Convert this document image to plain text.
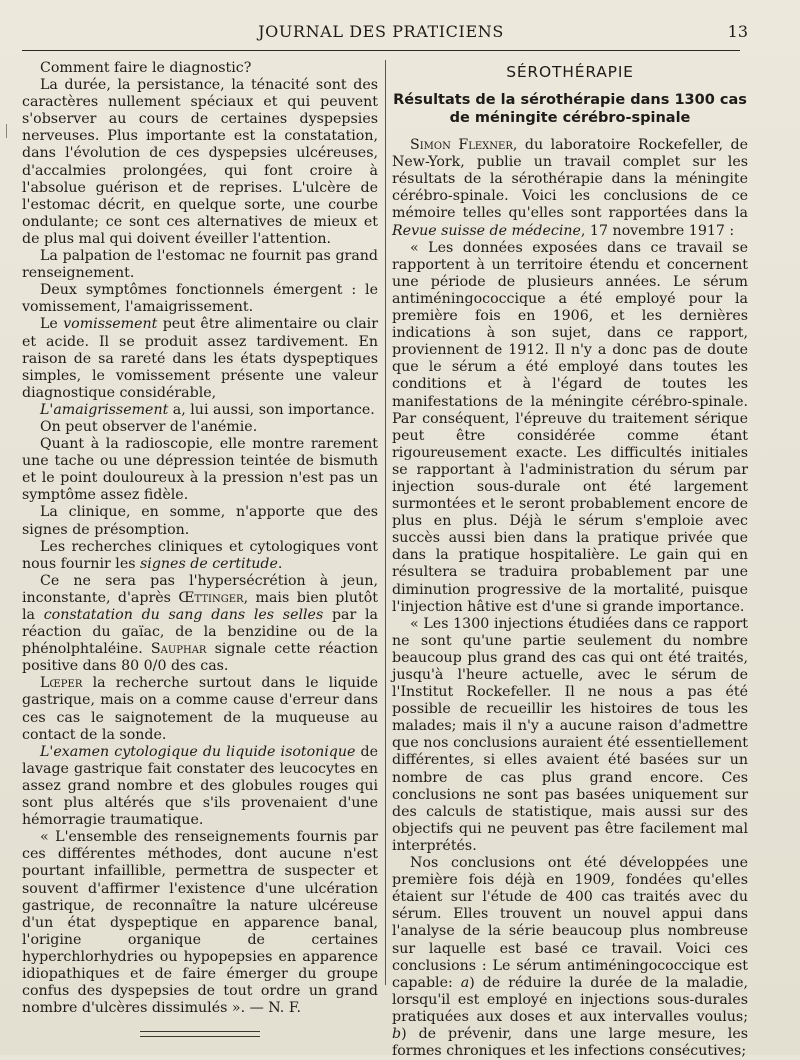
JOURNAL DES PRATICIENS	13

Comment faire le diagnostic?

La durée, la persistance, la ténacité sont des caractères nullement spéciaux et qui peuvent s'observer au cours de certaines dyspepsies nerveuses. Plus importante est la constatation, dans l'évolution de ces dyspepsies ulcéreuses, d'accalmies prolongées, qui font croire à l'absolue guérison et de reprises. L'ulcère de l'estomac décrit, en quelque sorte, une courbe ondulante; ce sont ces alternatives de mieux et de plus mal qui doivent éveiller l'attention.

La palpation de l'estomac ne fournit pas grand renseignement.

Deux symptômes fonctionnels émergent : le vomissement, l'amaigrissement.

Le vomissement peut être alimentaire ou clair et acide. Il se produit assez tardivement. En raison de sa rareté dans les états dyspeptiques simples, le vomissement présente une valeur diagnostique considérable,

L'amaigrissement a, lui aussi, son importance.

On peut observer de l'anémie.

Quant à la radioscopie, elle montre rarement une tache ou une dépression teintée de bismuth et le point douloureux à la pression n'est pas un symptôme assez fidèle.

La clinique, en somme, n'apporte que des signes de présomption.

Les recherches cliniques et cytologiques vont nous fournir les signes de certitude.

Ce ne sera pas l'hypersécrétion à jeun, inconstante, d'après Œttinger, mais bien plutôt la constatation du sang dans les selles par la réaction du gaïac, de la benzidine ou de la phénolphtaléine. Sauphar signale cette réaction positive dans 80 0/0 des cas.

Lœper la recherche surtout dans le liquide gastrique, mais on a comme cause d'erreur dans ces cas le saignotement de la muqueuse au contact de la sonde.

L'examen cytologique du liquide isotonique de lavage gastrique fait constater des leucocytes en assez grand nombre et des globules rouges qui sont plus altérés que s'ils provenaient d'une hémorragie traumatique.

« L'ensemble des renseignements fournis par ces différentes méthodes, dont aucune n'est pourtant infaillible, permettra de suspecter et souvent d'affirmer l'existence d'une ulcération gastrique, de reconnaître la nature ulcéreuse d'un état dyspeptique en apparence banal, l'origine organique de certaines hyperchlorhydries ou hypopepsies en apparence idiopathiques et de faire émerger du groupe confus des dyspepsies de tout ordre un grand nombre d'ulcères dissimulés ». — N. F.

SÉROTHÉRAPIE
Résultats de la sérothérapie dans 1300 cas de méningite cérébro-spinale

Simon Flexner, du laboratoire Rockefeller, de New-York, publie un travail complet sur les résultats de la sérothérapie dans la méningite cérébro-spinale. Voici les conclusions de ce mémoire telles qu'elles sont rapportées dans la Revue suisse de médecine, 17 novembre 1917 :

« Les données exposées dans ce travail se rapportent à un territoire étendu et concernent une période de plusieurs années. Le sérum antiméningococcique a été employé pour la première fois en 1906, et les dernières indications à son sujet, dans ce rapport, proviennent de 1912. Il n'y a donc pas de doute que le sérum a été employé dans toutes les conditions et à l'égard de toutes les manifestations de la méningite cérébro-spinale. Par conséquent, l'épreuve du traitement sérique peut être considérée comme étant rigoureusement exacte. Les difficultés initiales se rapportant à l'administration du sérum par injection sous-durale ont été largement surmontées et le seront probablement encore de plus en plus. Déjà le sérum s'emploie avec succès aussi bien dans la pratique privée que dans la pratique hospitalière. Le gain qui en résultera se traduira probablement par une diminution progressive de la mortalité, puisque l'injection hâtive est d'une si grande importance.

« Les 1300 injections étudiées dans ce rapport ne sont qu'une partie seulement du nombre beaucoup plus grand des cas qui ont été traités, jusqu'à l'heure actuelle, avec le sérum de l'Institut Rockefeller. Il ne nous a pas été possible de recueillir les histoires de tous les malades; mais il n'y a aucune raison d'admettre que nos conclusions auraient été essentiellement différentes, si elles avaient été basées sur un nombre de cas plus grand encore. Ces conclusions ne sont pas basées uniquement sur des calculs de statistique, mais aussi sur des objectifs qui ne peuvent pas être facilement mal interprétés.

Nos conclusions ont été développées une première fois déjà en 1909, fondées qu'elles étaient sur l'étude de 400 cas traités avec du sérum. Elles trouvent un nouvel appui dans l'analyse de la série beaucoup plus nombreuse sur laquelle est basé ce travail. Voici ces conclusions : Le sérum antiméningococcique est capable: a) de réduire la durée de la maladie, lorsqu'il est employé en injections sous-durales pratiquées aux doses et aux intervalles voulus; b) de prévenir, dans une large mesure, les formes chroniques et les infections consécutives;
